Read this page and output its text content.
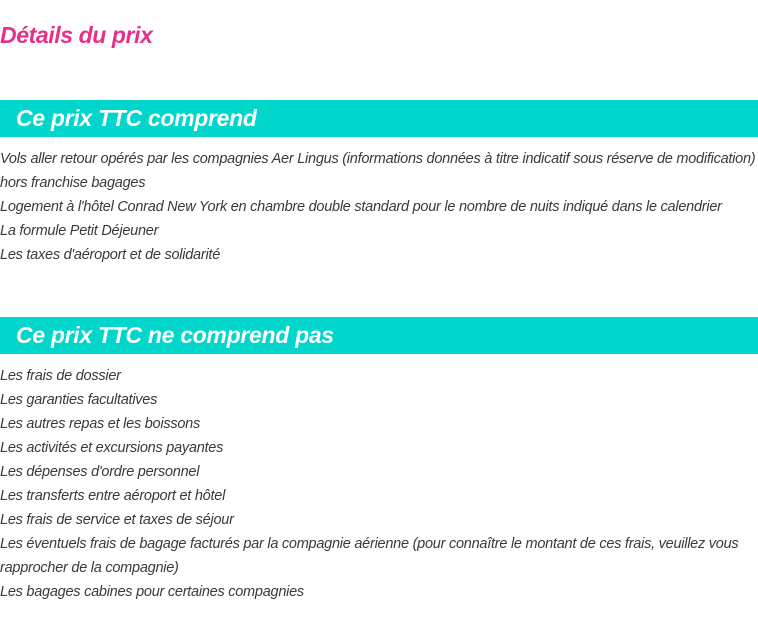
Détails du prix
Ce prix TTC comprend
Vols aller retour opérés par les compagnies Aer Lingus (informations données à titre indicatif sous réserve de modification) hors franchise bagages
Logement à l'hôtel Conrad New York en chambre double standard pour le nombre de nuits indiqué dans le calendrier
La formule Petit Déjeuner
Les taxes d'aéroport et de solidarité
Ce prix TTC ne comprend pas
Les frais de dossier
Les garanties facultatives
Les autres repas et les boissons
Les activités et excursions payantes
Les dépenses d'ordre personnel
Les transferts entre aéroport et hôtel
Les frais de service et taxes de séjour
Les éventuels frais de bagage facturés par la compagnie aérienne (pour connaître le montant de ces frais, veuillez vous rapprocher de la compagnie)
Les bagages cabines pour certaines compagnies
